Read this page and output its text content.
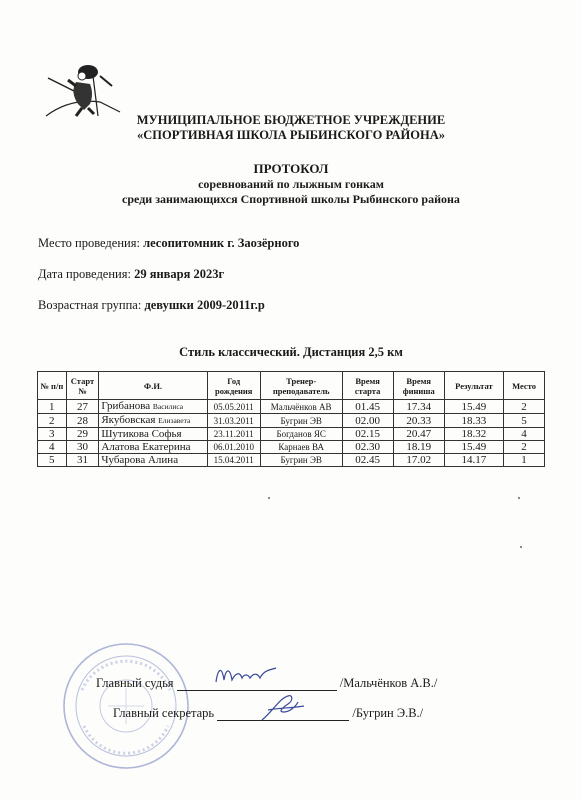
МУНИЦИПАЛЬНОЕ БЮДЖЕТНОЕ УЧРЕЖДЕНИЕ
«СПОРТИВНАЯ ШКОЛА РЫБИНСКОГО РАЙОНА»
ПРОТОКОЛ
соревнований по лыжным гонкам
среди занимающихся Спортивной школы Рыбинского района
Место проведения: лесопитомник г. Заозёрного
Дата проведения: 29 января 2023г
Возрастная группа: девушки 2009-2011г.р
Стиль классический. Дистанция 2,5 км
№ п/п	Старт №	Ф.И.	Год рождения	Тренер-преподаватель	Время старта	Время финиша	Результат	Место
1	27	Грибанова Василиса	05.05.2011	Мальчёнков АВ	01.45	17.34	15.49	2
2	28	Якубовская Елизавета	31.03.2011	Бугрин ЭВ	02.00	20.33	18.33	5
3	29	Шутикова Софья	23.11.2011	Богданов ЯС	02.15	20.47	18.32	4
4	30	Алатова Екатерина	06.01.2010	Карнаев ВА	02.30	18.19	15.49	2
5	31	Чубарова Алина	15.04.2011	Бугрин ЭВ	02.45	17.02	14.17	1
Главный судья	/Мальчёнков А.В./
Главный секретарь	/Бугрин Э.В./
